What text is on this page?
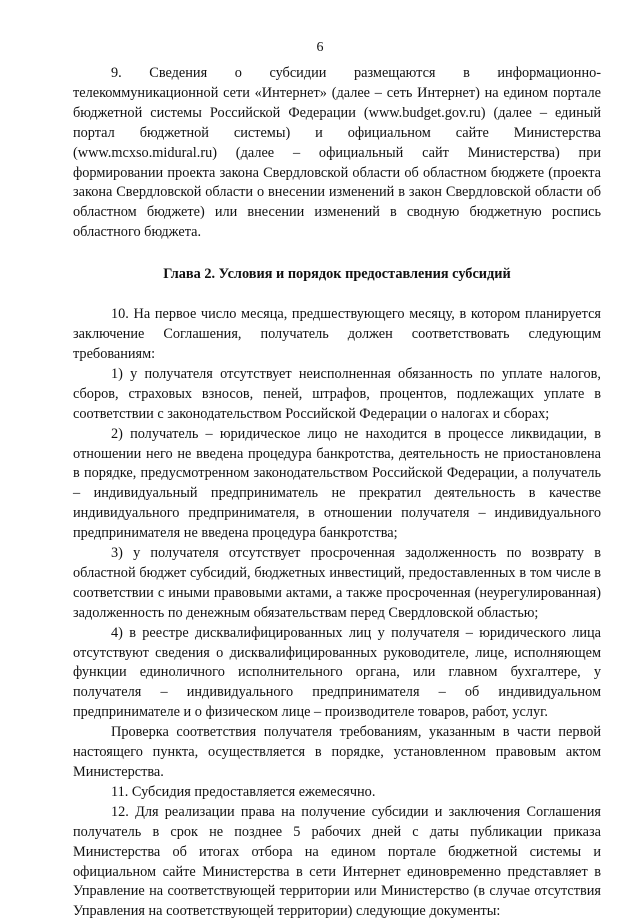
6

9. Сведения о субсидии размещаются в информационно-телекоммуникационной сети «Интернет» (далее – сеть Интернет) на едином портале бюджетной системы Российской Федерации (www.budget.gov.ru) (далее – единый портал бюджетной системы) и официальном сайте Министерства (www.mcxso.midural.ru) (далее – официальный сайт Министерства) при формировании проекта закона Свердловской области об областном бюджете (проекта закона Свердловской области о внесении изменений в закон Свердловской области об областном бюджете) или внесении изменений в сводную бюджетную роспись областного бюджета.

Глава 2. Условия и порядок предоставления субсидий

10. На первое число месяца, предшествующего месяцу, в котором планируется заключение Соглашения, получатель должен соответствовать следующим требованиям:

1) у получателя отсутствует неисполненная обязанность по уплате налогов, сборов, страховых взносов, пеней, штрафов, процентов, подлежащих уплате в соответствии с законодательством Российской Федерации о налогах и сборах;

2) получатель – юридическое лицо не находится в процессе ликвидации, в отношении него не введена процедура банкротства, деятельность не приостановлена в порядке, предусмотренном законодательством Российской Федерации, а получатель – индивидуальный предприниматель не прекратил деятельность в качестве индивидуального предпринимателя, в отношении получателя – индивидуального предпринимателя не введена процедура банкротства;

3) у получателя отсутствует просроченная задолженность по возврату в областной бюджет субсидий, бюджетных инвестиций, предоставленных в том числе в соответствии с иными правовыми актами, а также просроченная (неурегулированная) задолженность по денежным обязательствам перед Свердловской областью;

4) в реестре дисквалифицированных лиц у получателя – юридического лица отсутствуют сведения о дисквалифицированных руководителе, лице, исполняющем функции единоличного исполнительного органа, или главном бухгалтере, у получателя – индивидуального предпринимателя – об индивидуальном предпринимателе и о физическом лице – производителе товаров, работ, услуг.

Проверка соответствия получателя требованиям, указанным в части первой настоящего пункта, осуществляется в порядке, установленном правовым актом Министерства.

11. Субсидия предоставляется ежемесячно.

12. Для реализации права на получение субсидии и заключения Соглашения получатель в срок не позднее 5 рабочих дней с даты публикации приказа Министерства об итогах отбора на едином портале бюджетной системы и официальном сайте Министерства в сети Интернет единовременно представляет в Управление на соответствующей территории или Министерство (в случае отсутствия Управления на соответствующей территории) следующие документы:
